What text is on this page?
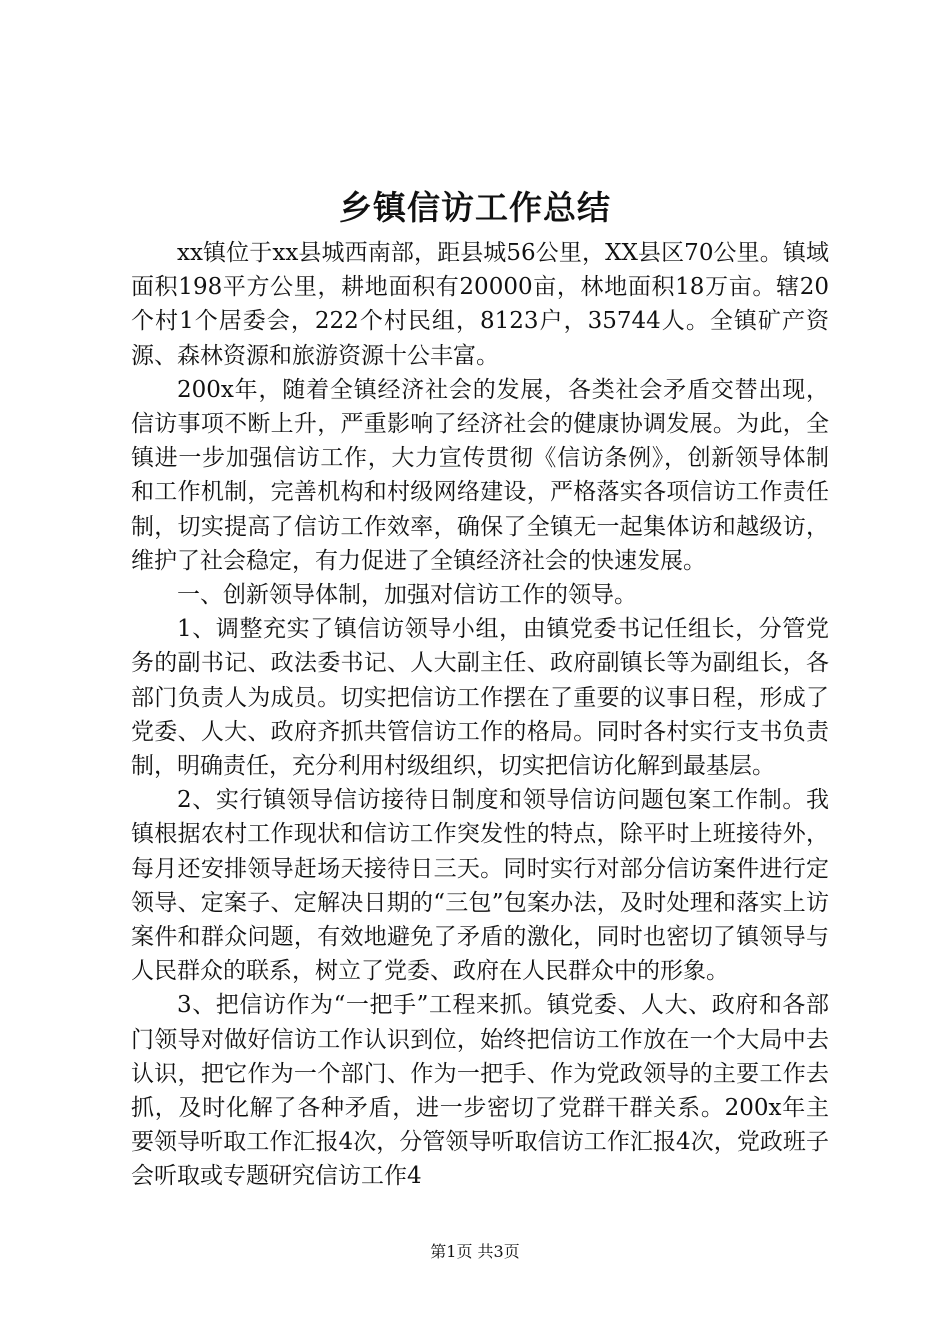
乡镇信访工作总结

xx镇位于xx县城西南部，距县城56公里，XX县区70公里。镇域面积198平方公里，耕地面积有20000亩，林地面积18万亩。辖20个村1个居委会，222个村民组，8123户，35744人。全镇矿产资源、森林资源和旅游资源十公丰富。

200x年，随着全镇经济社会的发展，各类社会矛盾交替出现，信访事项不断上升，严重影响了经济社会的健康协调发展。为此，全镇进一步加强信访工作，大力宣传贯彻《信访条例》，创新领导体制和工作机制，完善机构和村级网络建设，严格落实各项信访工作责任制，切实提高了信访工作效率，确保了全镇无一起集体访和越级访，维护了社会稳定，有力促进了全镇经济社会的快速发展。

一、创新领导体制，加强对信访工作的领导。

1、调整充实了镇信访领导小组，由镇党委书记任组长，分管党务的副书记、政法委书记、人大副主任、政府副镇长等为副组长，各部门负责人为成员。切实把信访工作摆在了重要的议事日程，形成了党委、人大、政府齐抓共管信访工作的格局。同时各村实行支书负责制，明确责任，充分利用村级组织，切实把信访化解到最基层。

2、实行镇领导信访接待日制度和领导信访问题包案工作制。我镇根据农村工作现状和信访工作突发性的特点，除平时上班接待外，每月还安排领导赶场天接待日三天。同时实行对部分信访案件进行定领导、定案子、定解决日期的“三包”包案办法，及时处理和落实上访案件和群众问题，有效地避免了矛盾的激化，同时也密切了镇领导与人民群众的联系，树立了党委、政府在人民群众中的形象。

3、把信访作为“一把手”工程来抓。镇党委、人大、政府和各部门领导对做好信访工作认识到位，始终把信访工作放在一个大局中去认识，把它作为一个部门、作为一把手、作为党政领导的主要工作去抓，及时化解了各种矛盾，进一步密切了党群干群关系。200x年主要领导听取工作汇报4次，分管领导听取信访工作汇报4次，党政班子会听取或专题研究信访工作4

第1页 共3页
